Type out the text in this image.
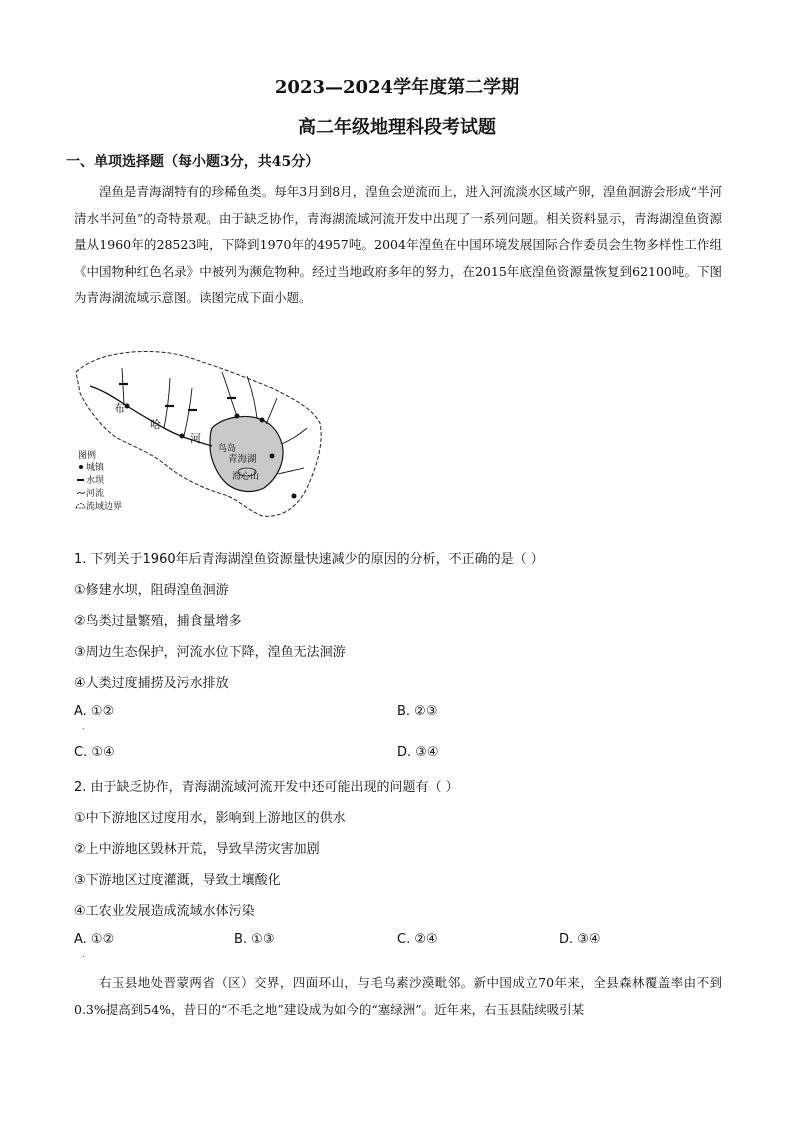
2023—2024学年度第二学期
高二年级地理科段考试题
一、单项选择题（每小题3分，共45分）
湟鱼是青海湖特有的珍稀鱼类。每年3月到8月，湟鱼会逆流而上，进入河流淡水区域产卵，湟鱼洄游会形成“半河清水半河鱼”的奇特景观。由于缺乏协作，青海湖流域河流开发中出现了一系列问题。相关资料显示，青海湖湟鱼资源量从1960年的28523吨，下降到1970年的4957吨。2004年湟鱼在中国环境发展国际合作委员会生物多样性工作组《中国物种红色名录》中被列为濒危物种。经过当地政府多年的努力，在2015年底湟鱼资源量恢复到62100吨。下图为青海湖流域示意图。读图完成下面小题。
布
哈
河
鸟岛
青海湖
海心山
图例
城镇
水坝
河流
流域边界
1. 下列关于1960年后青海湖湟鱼资源量快速减少的原因的分析，不正确的是（ ）
①修建水坝，阻碍湟鱼洄游
②鸟类过量繁殖，捕食量增多
③周边生态保护，河流水位下降，湟鱼无法洄游
④人类过度捕捞及污水排放
A. ①②
.
B. ②③
C. ①④	D. ③④
2. 由于缺乏协作，青海湖流域河流开发中还可能出现的问题有（ ）
①中下游地区过度用水，影响到上游地区的供水
②上中游地区毁林开荒，导致旱涝灾害加剧
③下游地区过度灌溉，导致土壤酸化
④工农业发展造成流域水体污染
A. ①②
.
B. ①③	C. ②④	D. ③④
右玉县地处晋蒙两省（区）交界，四面环山，与毛乌素沙漠毗邻。新中国成立70年来，全县森林覆盖率由不到0.3%提高到54%，昔日的“不毛之地”建设成为如今的“塞绿洲”。近年来，右玉县陆续吸引某
